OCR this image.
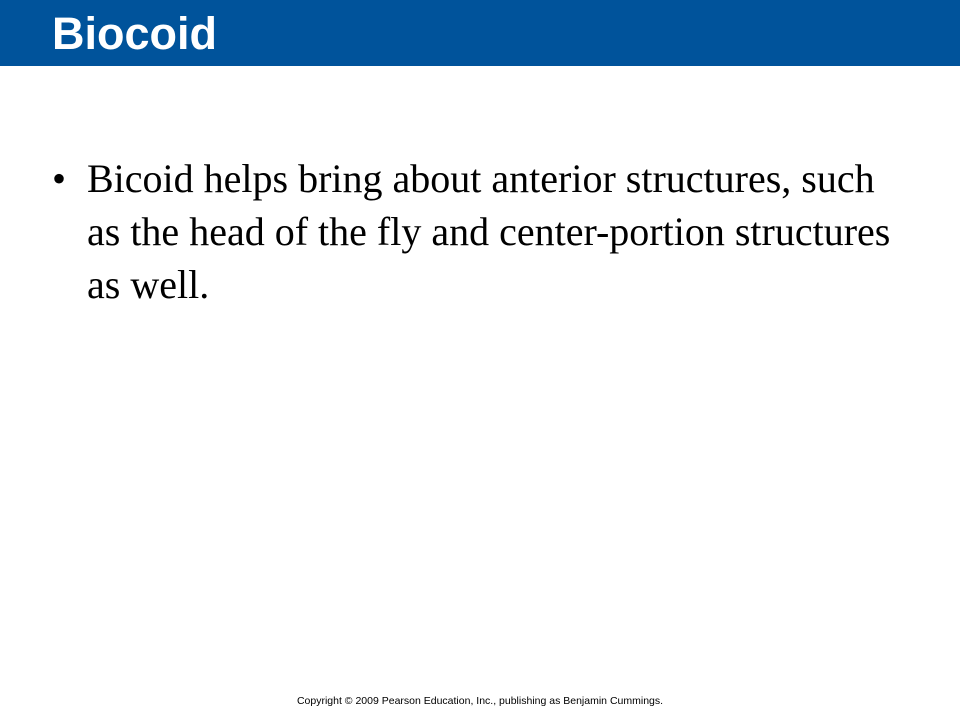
Biocoid
• Bicoid helps bring about anterior structures, such as the head of the fly and center-portion structures as well.
Copyright © 2009 Pearson Education, Inc., publishing as Benjamin Cummings.
